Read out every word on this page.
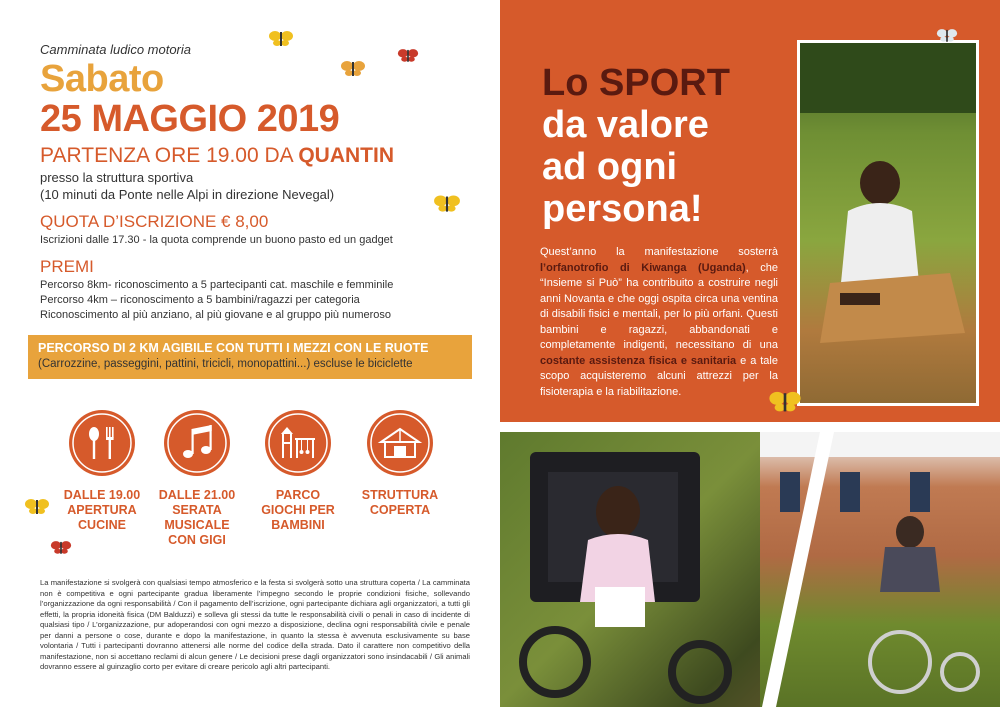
Camminata ludico motoria
Sabato
25 MAGGIO 2019
PARTENZA ORE 19.00 DA QUANTIN
presso la struttura sportiva
(10 minuti da Ponte nelle Alpi in direzione Nevegal)
QUOTA D’ISCRIZIONE € 8,00
Iscrizioni dalle 17.30 - la quota comprende un buono pasto ed un gadget
PREMI
Percorso 8km- riconoscimento a 5 partecipanti cat. maschile e femminile
Percorso 4km – riconoscimento a 5 bambini/ragazzi per categoria
Riconoscimento al più anziano, al più giovane e al gruppo più numeroso
PERCORSO DI 2 KM AGIBILE CON TUTTI I MEZZI CON LE RUOTE
(Carrozzine, passeggini, pattini, tricicli, monopattini...) escluse le biciclette
DALLE 19.00
APERTURA
CUCINE
DALLE 21.00
SERATA
MUSICALE
CON GIGI
PARCO
GIOCHI PER
BAMBINI
STRUTTURA
COPERTA
La manifestazione si svolgerà con qualsiasi tempo atmosferico e la festa si svolgerà sotto una struttura coperta / La camminata non è competitiva e ogni partecipante gradua liberamente l’impegno secondo le proprie condizioni fisiche, sollevando l’organizzazione da ogni responsabilità / Con il pagamento dell’iscrizione, ogni partecipante dichiara agli organizzatori, a tutti gli effetti, la propria idoneità fisica (DM Balduzzi) e solleva gli stessi da tutte le responsabilità civili o penali in caso di incidente di qualsiasi tipo / L’organizzazione, pur adoperandosi con ogni mezzo a disposizione, declina ogni responsabilità civile e penale per danni a persone o cose, durante e dopo la manifestazione, in quanto la stessa è avvenuta esclusivamente su base volontaria / Tutti i partecipanti dovranno attenersi alle norme del codice della strada. Dato il carattere non competitivo della manifestazione, non si accettano reclami di alcun genere / Le decisioni prese dagli organizzatori sono insindacabili / Gli animali dovranno essere al guinzaglio corto per evitare di creare pericolo agli altri partecipanti.
Lo SPORT
da valore
ad ogni
persona!
Quest’anno la manifestazione sosterrà l’orfanotrofio di Kiwanga (Uganda), che “Insieme si Può” ha contribuito a costruire negli anni Novanta e che oggi ospita circa una ventina di disabili fisici e mentali, per lo più orfani. Questi bambini e ragazzi, abbandonati e completamente indigenti, necessitano di una costante assistenza fisica e sanitaria e a tale scopo acquisteremo alcuni attrezzi per la fisioterapia e la riabilitazione.
